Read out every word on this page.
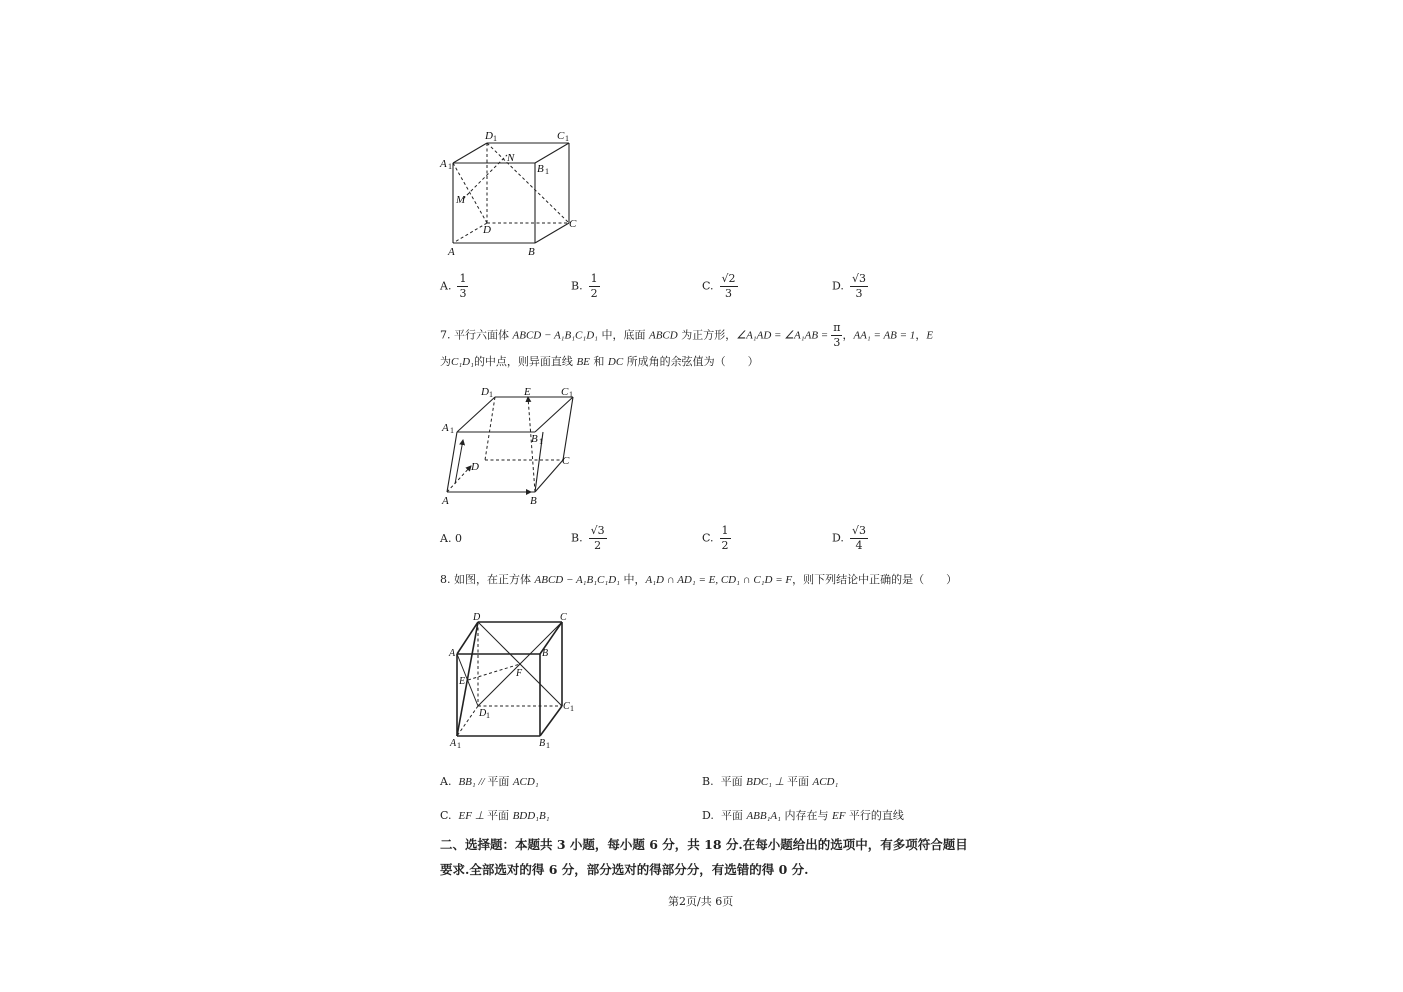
D 1	C 1
A 1
N
B 1
M
D	C
A	B
A. $\frac{1}{3}$	B. $\frac{1}{2}$	C. $\frac{√2}{3}$	D. $\frac{√3}{3}$
7. 平行六面体 ABCD − A₁B₁C₁D₁ 中，底面 ABCD 为正方形，∠A₁AD = ∠A₁AB = $\frac{\pi}{3}$ ，AA₁ = AB = 1，E
为C₁D₁的中点，则异面直线 BE 和 DC 所成角的余弦值为（　　）
D 1	E	C 1
A 1
B 1
D	C
A	B
A. 0	B. $\frac{√3}{2}$	C. $\frac{1}{2}$	D. $\frac{√3}{4}$
8. 如图，在正方体 ABCD − A₁B₁C₁D₁ 中，A₁D ∩ AD₁ = E, CD₁ ∩ C₁D = F，则下列结论中正确的是（　　）
D	C
A	B
E
F
D 1
C 1
A 1	B 1
A. BB₁ // 平面 ACD₁	B. 平面 BDC₁ ⊥ 平面 ACD₁
C. EF ⊥ 平面 BDD₁B₁	D. 平面 ABB₁A₁ 内存在与 EF 平行的直线
二、选择题：本题共 3 小题，每小题 6 分，共 18 分.在每小题给出的选项中，有多项符合题目
要求.全部选对的得 6 分，部分选对的得部分分，有选错的得 0 分.
第2页/共 6页
